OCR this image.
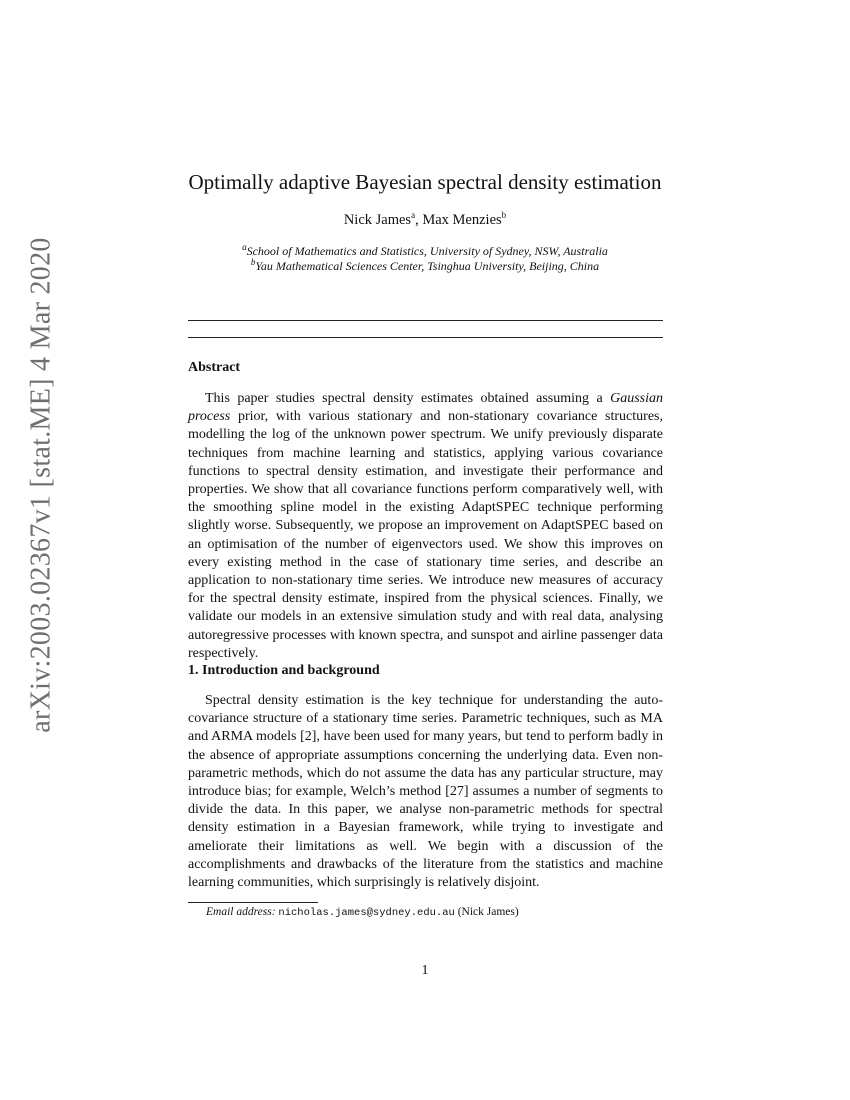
arXiv:2003.02367v1 [stat.ME] 4 Mar 2020
Optimally adaptive Bayesian spectral density estimation
Nick James$^a$, Max Menzies$^b$
$^a$School of Mathematics and Statistics, University of Sydney, NSW, Australia
$^b$Yau Mathematical Sciences Center, Tsinghua University, Beijing, China
Abstract

This paper studies spectral density estimates obtained assuming a Gaussian process prior, with various stationary and non-stationary covariance structures, modelling the log of the unknown power spectrum. We unify previously disparate techniques from machine learning and statistics, applying various covariance functions to spectral density estimation, and investigate their performance and properties. We show that all covariance functions perform comparatively well, with the smoothing spline model in the existing AdaptSPEC technique performing slightly worse. Subsequently, we propose an improvement on AdaptSPEC based on an optimisation of the number of eigenvectors used. We show this improves on every existing method in the case of stationary time series, and describe an application to non-stationary time series. We introduce new measures of accuracy for the spectral density estimate, inspired from the physical sciences. Finally, we validate our models in an extensive simulation study and with real data, analysing autoregressive processes with known spectra, and sunspot and airline passenger data respectively.

1. Introduction and background

Spectral density estimation is the key technique for understanding the auto-covariance structure of a stationary time series. Parametric techniques, such as MA and ARMA models [2], have been used for many years, but tend to perform badly in the absence of appropriate assumptions concerning the underlying data. Even non-parametric methods, which do not assume the data has any particular structure, may introduce bias; for example, Welch’s method [27] assumes a number of segments to divide the data. In this paper, we analyse non-parametric methods for spectral density estimation in a Bayesian framework, while trying to investigate and ameliorate their limitations as well. We begin with a discussion of the accomplishments and drawbacks of the literature from the statistics and machine learning communities, which surprisingly is relatively disjoint.

Email address: nicholas.james@sydney.edu.au (Nick James)
1
